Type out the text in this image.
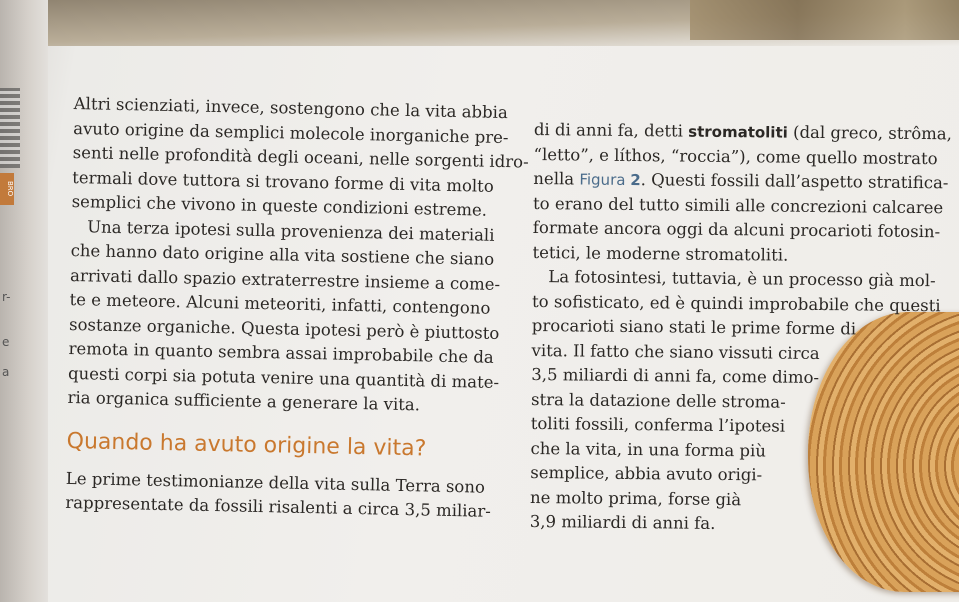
BRO
r-
e
a

Altri scienziati, invece, sostengono che la vita abbia
avuto origine da semplici molecole inorganiche pre-
senti nelle profondità degli oceani, nelle sorgenti idro-
termali dove tuttora si trovano forme di vita molto
semplici che vivono in queste condizioni estreme.

Una terza ipotesi sulla provenienza dei materiali
che hanno dato origine alla vita sostiene che siano
arrivati dallo spazio extraterrestre insieme a come-
te e meteore. Alcuni meteoriti, infatti, contengono
sostanze organiche. Questa ipotesi però è piuttosto
remota in quanto sembra assai improbabile che da
questi corpi sia potuta venire una quantità di mate-
ria organica sufficiente a generare la vita.

Quando ha avuto origine la vita?

Le prime testimonianze della vita sulla Terra sono
rappresentate da fossili risalenti a circa 3,5 miliar-

di di anni fa, detti stromatoliti (dal greco, strôma,
“letto”, e líthos, “roccia”), come quello mostrato
nella Figura 2. Questi fossili dall’aspetto stratifica-
to erano del tutto simili alle concrezioni calcaree
formate ancora oggi da alcuni procarioti fotosin-
tetici, le moderne stromatoliti.

La fotosintesi, tuttavia, è un processo già mol-
to sofisticato, ed è quindi improbabile che questi
procarioti siano stati le prime forme di
vita. Il fatto che siano vissuti circa
3,5 miliardi di anni fa, come dimo-
stra la datazione delle stroma-
toliti fossili, conferma l’ipotesi
che la vita, in una forma più
semplice, abbia avuto origi-
ne molto prima, forse già
3,9 miliardi di anni fa.
